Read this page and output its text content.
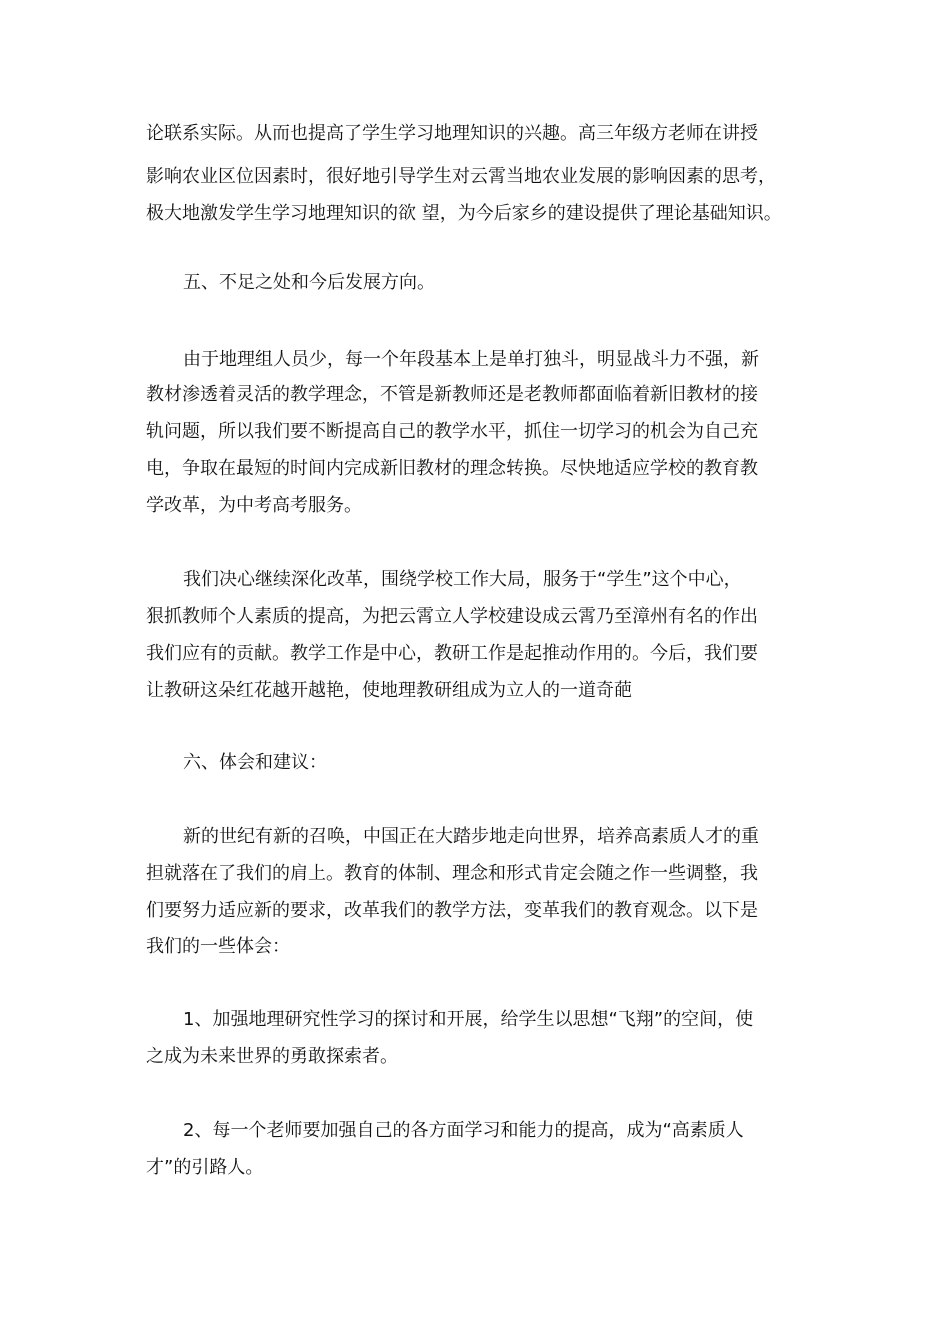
论联系实际。从而也提高了学生学习地理知识的兴趣。高三年级方老师在讲授
影响农业区位因素时，很好地引导学生对云霄当地农业发展的影响因素的思考，
极大地激发学生学习地理知识的欲 望，为今后家乡的建设提供了理论基础知识。
五、不足之处和今后发展方向。
由于地理组人员少，每一个年段基本上是单打独斗，明显战斗力不强，新
教材渗透着灵活的教学理念，不管是新教师还是老教师都面临着新旧教材的接
轨问题，所以我们要不断提高自己的教学水平，抓住一切学习的机会为自己充
电，争取在最短的时间内完成新旧教材的理念转换。尽快地适应学校的教育教
学改革，为中考高考服务。
我们决心继续深化改革，围绕学校工作大局，服务于“学生”这个中心，
狠抓教师个人素质的提高，为把云霄立人学校建设成云霄乃至漳州有名的作出
我们应有的贡献。教学工作是中心，教研工作是起推动作用的。今后，我们要
让教研这朵红花越开越艳，使地理教研组成为立人的一道奇葩
六、体会和建议：
新的世纪有新的召唤，中国正在大踏步地走向世界，培养高素质人才的重
担就落在了我们的肩上。教育的体制、理念和形式肯定会随之作一些调整，我
们要努力适应新的要求，改革我们的教学方法，变革我们的教育观念。以下是
我们的一些体会：
1、加强地理研究性学习的探讨和开展，给学生以思想“飞翔”的空间，使
之成为未来世界的勇敢探索者。
2、每一个老师要加强自己的各方面学习和能力的提高，成为“高素质人
才”的引路人。
